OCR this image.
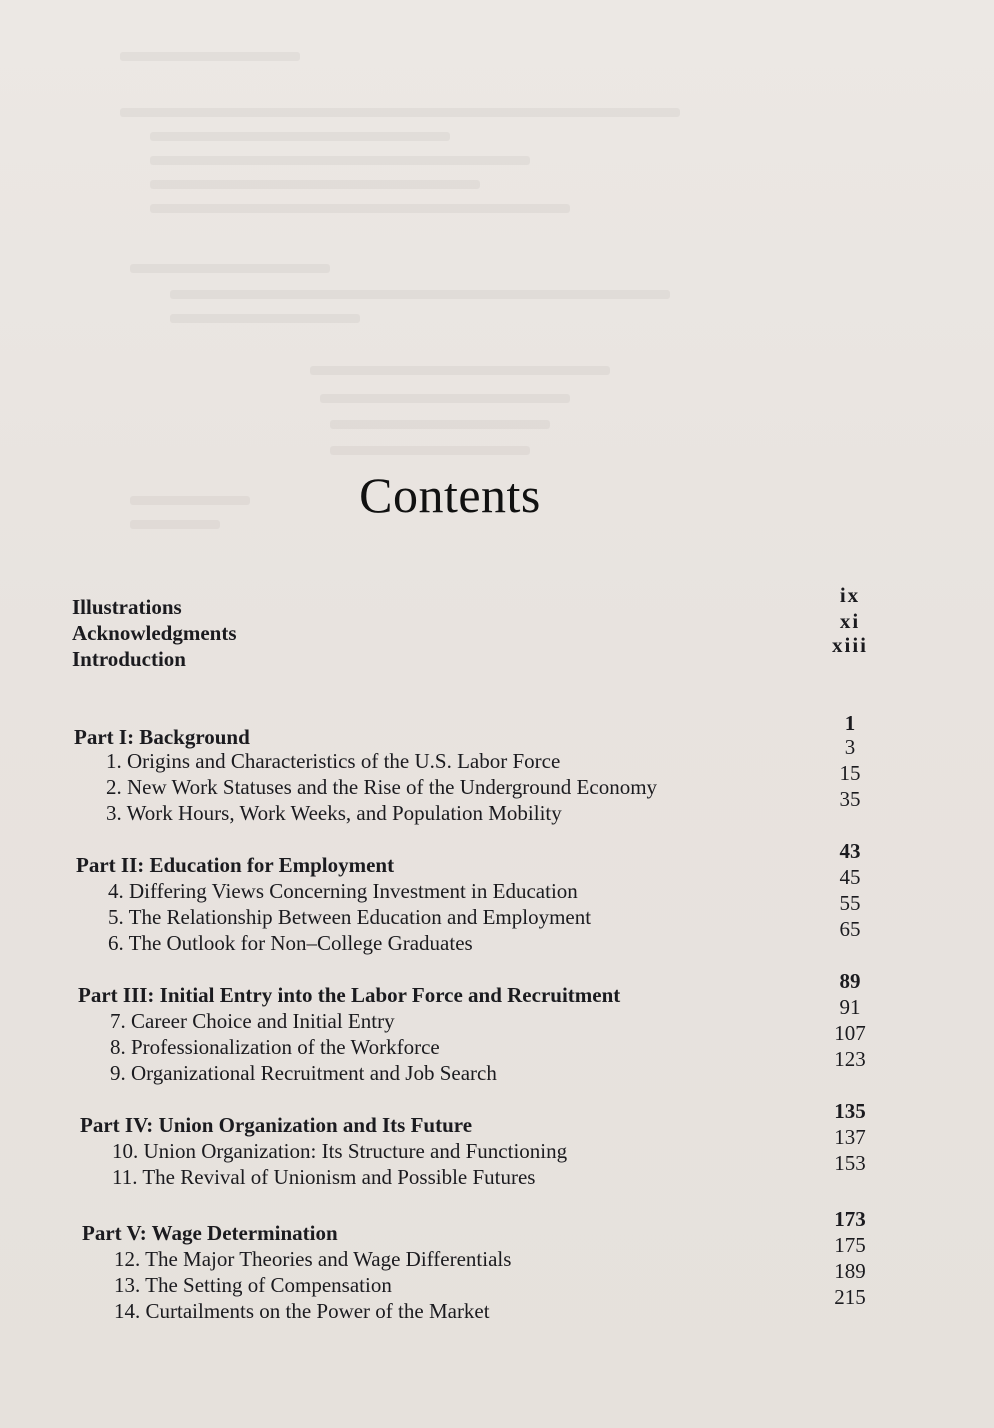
Contents
Illustrations	ix
Acknowledgments	xi
Introduction
xiii
Part I: Background
1
1. Origins and Characteristics of the U.S. Labor Force
3
2. New Work Statuses and the Rise of the Underground Economy
15
3. Work Hours, Work Weeks, and Population Mobility
35
Part II: Education for Employment
43
4. Differing Views Concerning Investment in Education
45
5. The Relationship Between Education and Employment
55
6. The Outlook for Non–College Graduates
65
Part III: Initial Entry into the Labor Force and Recruitment
89
7. Career Choice and Initial Entry
91
8. Professionalization of the Workforce
107
9. Organizational Recruitment and Job Search
123
Part IV: Union Organization and Its Future
135
10. Union Organization: Its Structure and Functioning
137
11. The Revival of Unionism and Possible Futures
153
Part V: Wage Determination
173
12. The Major Theories and Wage Differentials
175
13. The Setting of Compensation
189
14. Curtailments on the Power of the Market
215
